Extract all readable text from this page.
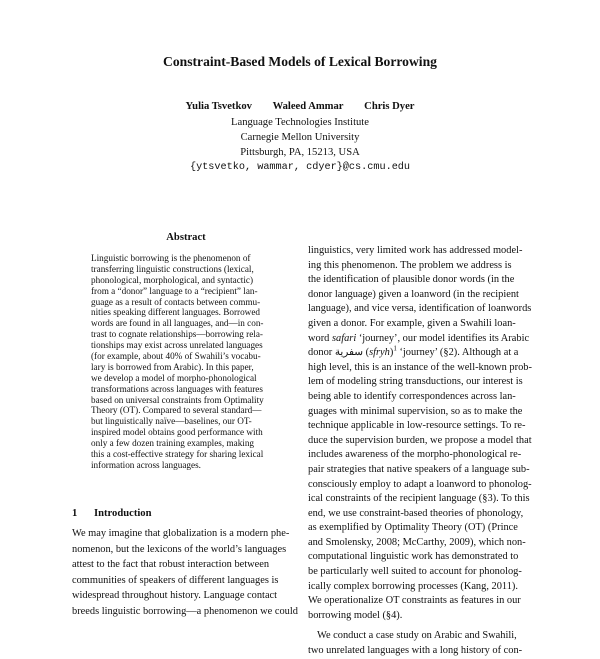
Constraint-Based Models of Lexical Borrowing
Yulia Tsvetkov Waleed Ammar Chris Dyer
Language Technologies Institute
Carnegie Mellon University
Pittsburgh, PA, 15213, USA
{ytsvetko, wammar, cdyer}@cs.cmu.edu
Abstract
Linguistic borrowing is the phenomenon of
transferring linguistic constructions (lexical,
phonological, morphological, and syntactic)
from a “donor” language to a “recipient” lan-
guage as a result of contacts between commu-
nities speaking different languages. Borrowed
words are found in all languages, and—in con-
trast to cognate relationships—borrowing rela-
tionships may exist across unrelated languages
(for example, about 40% of Swahili’s vocabu-
lary is borrowed from Arabic). In this paper,
we develop a model of morpho-phonological
transformations across languages with features
based on universal constraints from Optimality
Theory (OT). Compared to several standard—
but linguistically naïve—baselines, our OT-
inspired model obtains good performance with
only a few dozen training examples, making
this a cost-effective strategy for sharing lexical
information across languages.
1 Introduction
We may imagine that globalization is a modern phe-
nomenon, but the lexicons of the world’s languages
attest to the fact that robust interaction between
communities of speakers of different languages is
widespread throughout history. Language contact
breeds linguistic borrowing—a phenomenon we could
linguistics, very limited work has addressed model-
ing this phenomenon. The problem we address is
the identification of plausible donor words (in the
donor language) given a loanword (in the recipient
language), and vice versa, identification of loanwords
given a donor. For example, given a Swahili loan-
word safari ‘journey’, our model identifies its Arabic
donor سفرية (sfryh)$^1$ ‘journey’ (§2). Although at a
high level, this is an instance of the well-known prob-
lem of modeling string transductions, our interest is
being able to identify correspondences across lan-
guages with minimal supervision, so as to make the
technique applicable in low-resource settings. To re-
duce the supervision burden, we propose a model that
includes awareness of the morpho-phonological re-
pair strategies that native speakers of a language sub-
consciously employ to adapt a loanword to phonolog-
ical constraints of the recipient language (§3). To this
end, we use constraint-based theories of phonology,
as exemplified by Optimality Theory (OT) (Prince
and Smolensky, 2008; McCarthy, 2009), which non-
computational linguistic work has demonstrated to
be particularly well suited to account for phonolog-
ically complex borrowing processes (Kang, 2011).
We operationalize OT constraints as features in our
borrowing model (§4).
We conduct a case study on Arabic and Swahili,
two unrelated languages with a long history of con-
